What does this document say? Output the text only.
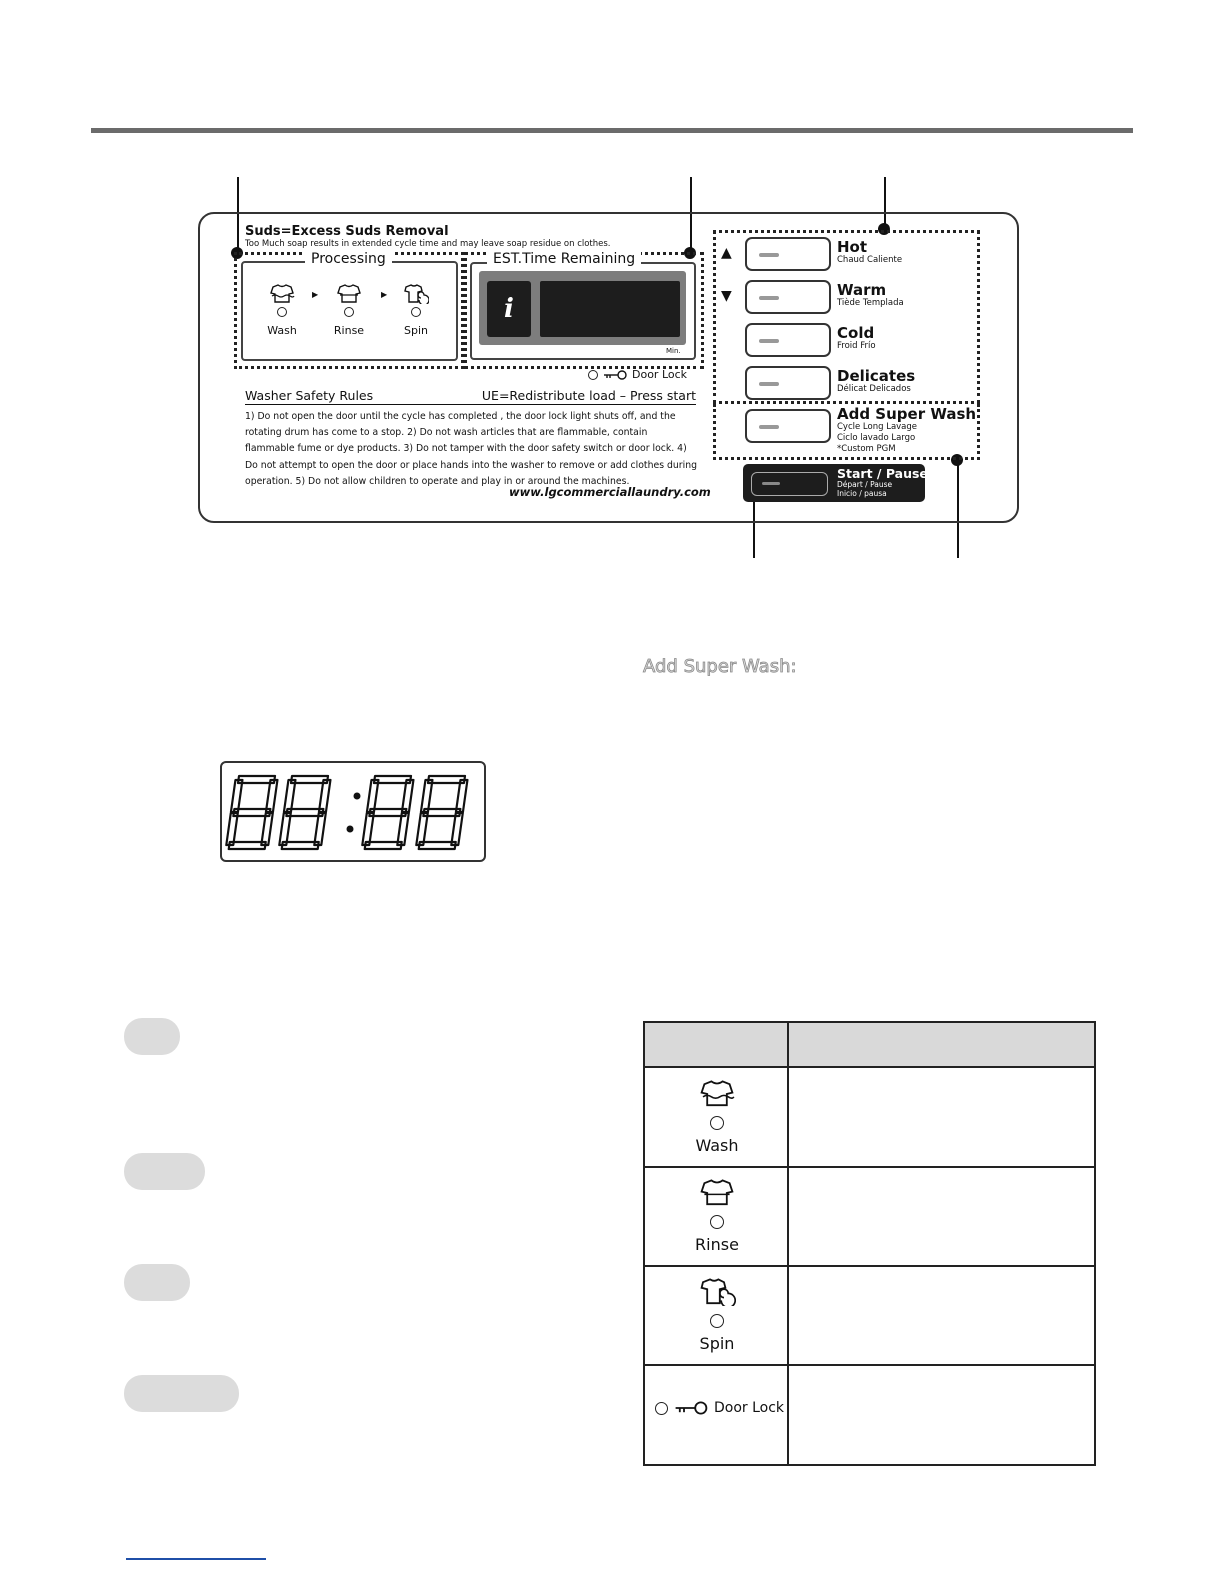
Suds=Excess Suds Removal
Too Much soap results in extended cycle time and may leave soap residue on clothes.
Processing
Wash
▶
Rinse
▶
Spin
EST.Time Remaining
i
Min.
Door Lock
Washer Safety Rules	UE=Redistribute load – Press start
1) Do not open the door until the cycle has completed , the door lock light shuts off, and the rotating drum has come to a stop. 2) Do not wash articles that are flammable, contain flammable fume or dye products. 3) Do not tamper with the door safety switch or door lock. 4) Do not attempt to open the door or place hands into the washer to remove or add clothes during operation. 5) Do not allow children to operate and play in or around the machines.
www.lgcommerciallaundry.com
▲
▼
Hot
Chaud Caliente
Warm
Tiède Templada
Cold
Froid Frío
Delicates
Délicat Delicados
Add Super Wash
Cycle Long Lavage
Ciclo lavado Largo
*Custom PGM
Start / Pause
Départ / Pause
Inicio / pausa
Add Super Wash:
Wash
Rinse
Spin
Door Lock
